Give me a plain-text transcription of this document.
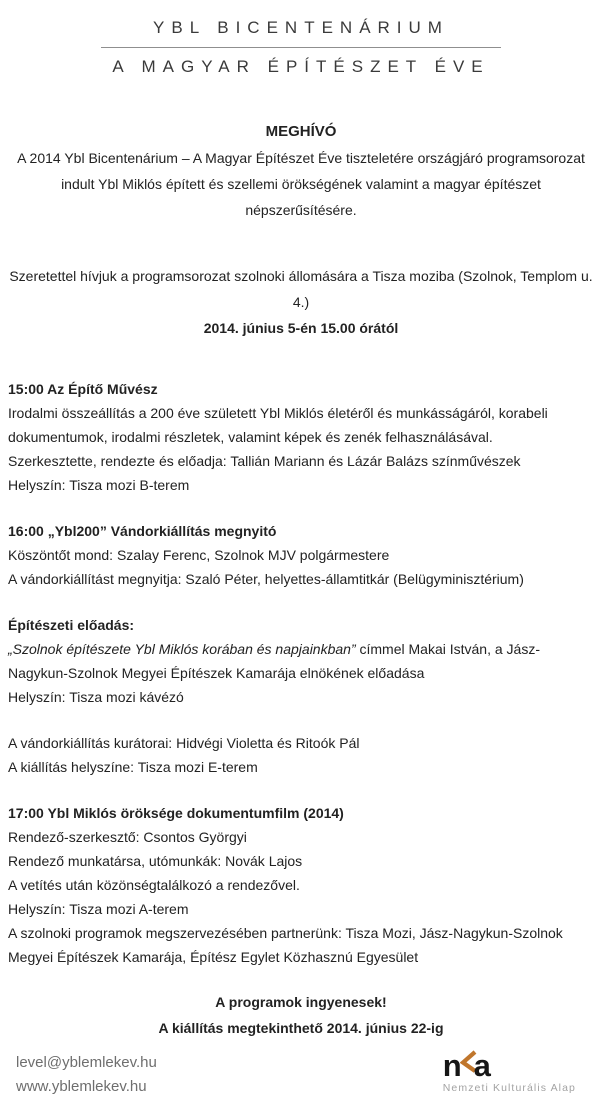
YBL BICENTENÁRIUM
A MAGYAR ÉPÍTÉSZET ÉVE
MEGHÍVÓ

A 2014 Ybl Bicentenárium – A Magyar Építészet Éve tiszteletére országjáró programsorozat indult Ybl Miklós épített és szellemi örökségének valamint a magyar építészet népszerűsítésére.

Szeretettel hívjuk a programsorozat szolnoki állomására a Tisza moziba (Szolnok, Templom u. 4.)

2014. június 5-én 15.00 órától

15:00 Az Építő Művész

Irodalmi összeállítás a 200 éve született Ybl Miklós életéről és munkásságáról, korabeli dokumentumok, irodalmi részletek, valamint képek és zenék felhasználásával.

Szerkesztette, rendezte és előadja: Tallián Mariann és Lázár Balázs színművészek

Helyszín: Tisza mozi B-terem

16:00 „Ybl200” Vándorkiállítás megnyitó

Köszöntőt mond: Szalay Ferenc, Szolnok MJV polgármestere

A vándorkiállítást megnyitja: Szaló Péter, helyettes-államtitkár (Belügyminisztérium)

Építészeti előadás:

„Szolnok építészete Ybl Miklós korában és napjainkban” címmel Makai István, a Jász-Nagykun-Szolnok Megyei Építészek Kamarája elnökének előadása

Helyszín: Tisza mozi kávézó

A vándorkiállítás kurátorai: Hidvégi Violetta és Ritoók Pál

A kiállítás helyszíne: Tisza mozi E-terem

17:00 Ybl Miklós öröksége dokumentumfilm (2014)

Rendező-szerkesztő: Csontos Györgyi

Rendező munkatársa, utómunkák: Novák Lajos

A vetítés után közönségtalálkozó a rendezővel.

Helyszín: Tisza mozi A-terem

A szolnoki programok megszervezésében partnerünk: Tisza Mozi, Jász-Nagykun-Szolnok Megyei Építészek Kamarája, Építész Egylet Közhasznú Egyesület

A programok ingyenesek!

A kiállítás megtekinthető 2014. június 22-ig

level@yblemlekev.hu
www.yblemlekev.hu
n a
Nemzeti Kulturális Alap
